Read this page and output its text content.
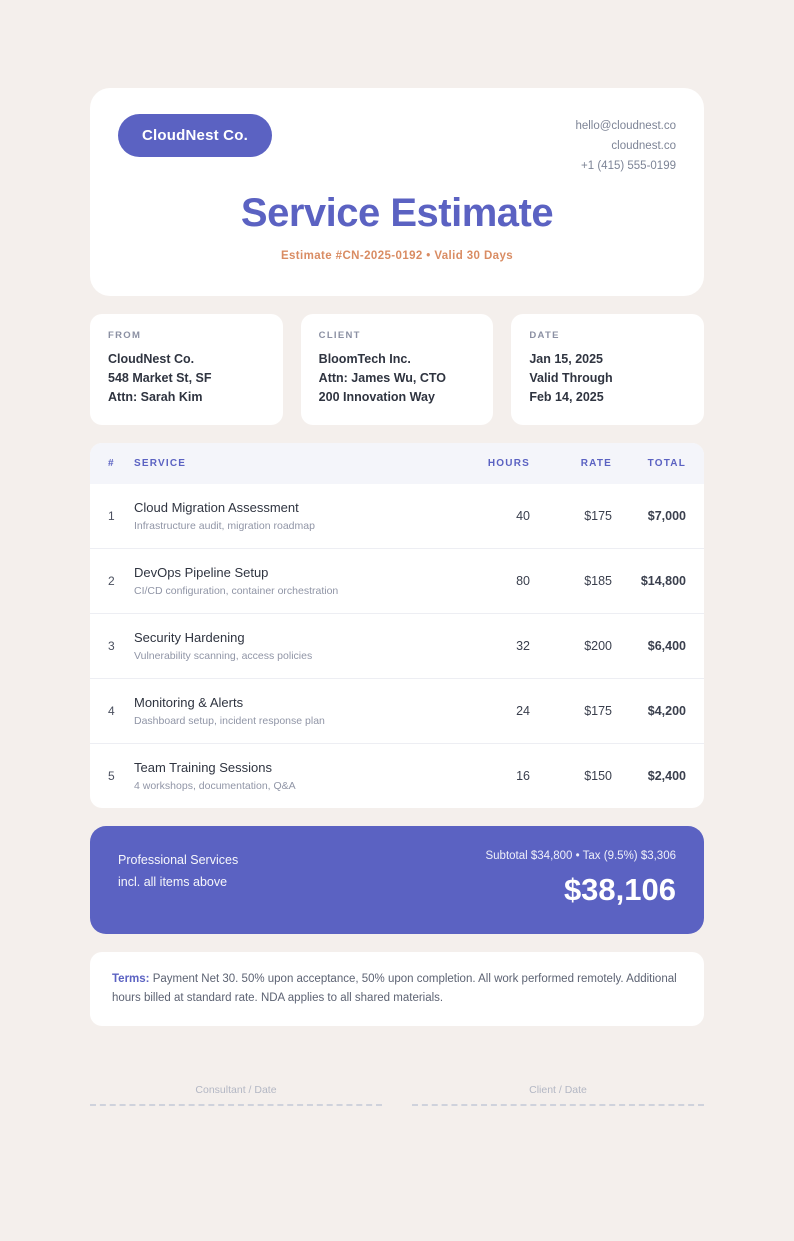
CloudNest Co.
hello@cloudnest.co
cloudnest.co
+1 (415) 555-0199
Service Estimate
Estimate #CN-2025-0192 • Valid 30 Days
FROM
CloudNest Co.
548 Market St, SF
Attn: Sarah Kim
CLIENT
BloomTech Inc.
Attn: James Wu, CTO
200 Innovation Way
DATE
Jan 15, 2025
Valid Through
Feb 14, 2025
#	SERVICE	HOURS	RATE	TOTAL
1	Cloud Migration Assessment
Infrastructure audit, migration roadmap	40	$175	$7,000
2	DevOps Pipeline Setup
CI/CD configuration, container orchestration	80	$185	$14,800
3	Security Hardening
Vulnerability scanning, access policies	32	$200	$6,400
4	Monitoring & Alerts
Dashboard setup, incident response plan	24	$175	$4,200
5	Team Training Sessions
4 workshops, documentation, Q&A	16	$150	$2,400
Professional Services
incl. all items above
Subtotal $34,800 • Tax (9.5%) $3,306
$38,106
Terms: Payment Net 30. 50% upon acceptance, 50% upon completion. All work performed remotely. Additional hours billed at standard rate. NDA applies to all shared materials.
Consultant / Date	Client / Date
